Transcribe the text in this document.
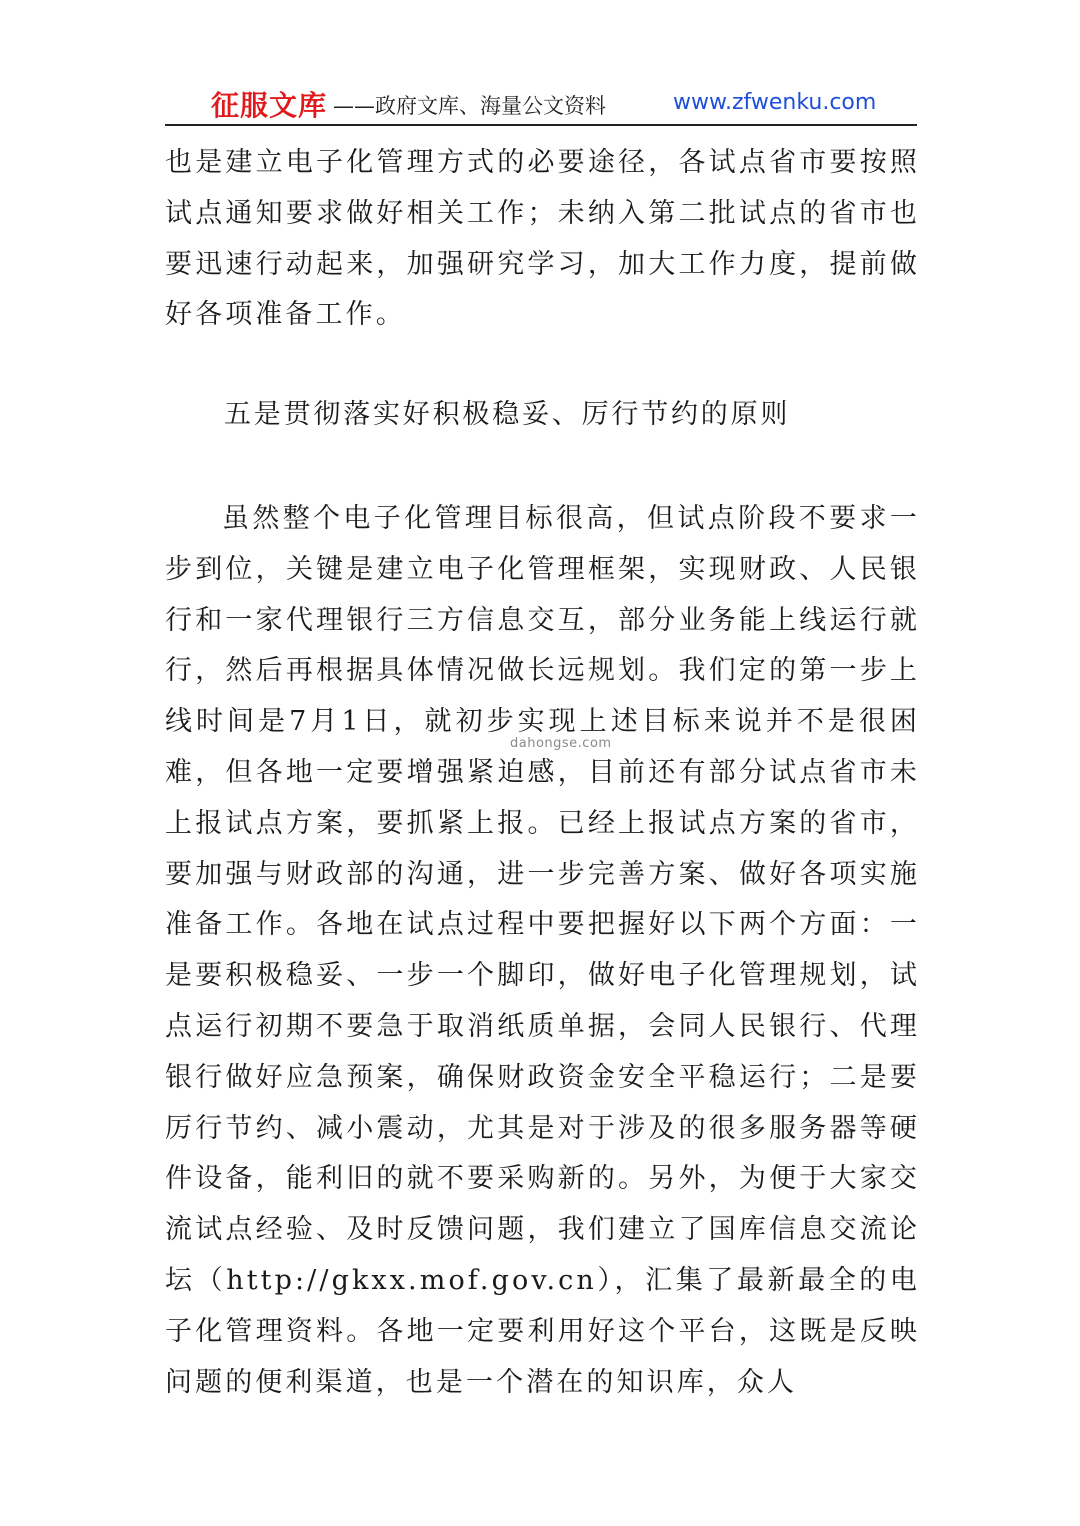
征服文库 ——政府文库、海量公文资料	www.zfwenku.com

也是建立电子化管理方式的必要途径，各试点省市要按照试点通知要求做好相关工作；未纳入第二批试点的省市也要迅速行动起来，加强研究学习，加大工作力度，提前做好各项准备工作。

五是贯彻落实好积极稳妥、厉行节约的原则

虽然整个电子化管理目标很高，但试点阶段不要求一步到位，关键是建立电子化管理框架，实现财政、人民银行和一家代理银行三方信息交互，部分业务能上线运行就行，然后再根据具体情况做长远规划。我们定的第一步上线时间是7月1日，就初步实现上述目标来说并不是很困难，但各地一定要增强紧迫感，目前还有部分试点省市未上报试点方案，要抓紧上报。已经上报试点方案的省市，要加强与财政部的沟通，进一步完善方案、做好各项实施准备工作。各地在试点过程中要把握好以下两个方面：一是要积极稳妥、一步一个脚印，做好电子化管理规划，试点运行初期不要急于取消纸质单据，会同人民银行、代理银行做好应急预案，确保财政资金安全平稳运行；二是要厉行节约、减小震动，尤其是对于涉及的很多服务器等硬件设备，能利旧的就不要采购新的。另外，为便于大家交流试点经验、及时反馈问题，我们建立了国库信息交流论坛（http://gkxx.mof.gov.cn），汇集了最新最全的电子化管理资料。各地一定要利用好这个平台，这既是反映问题的便利渠道，也是一个潜在的知识库，众人

dahongse.com
